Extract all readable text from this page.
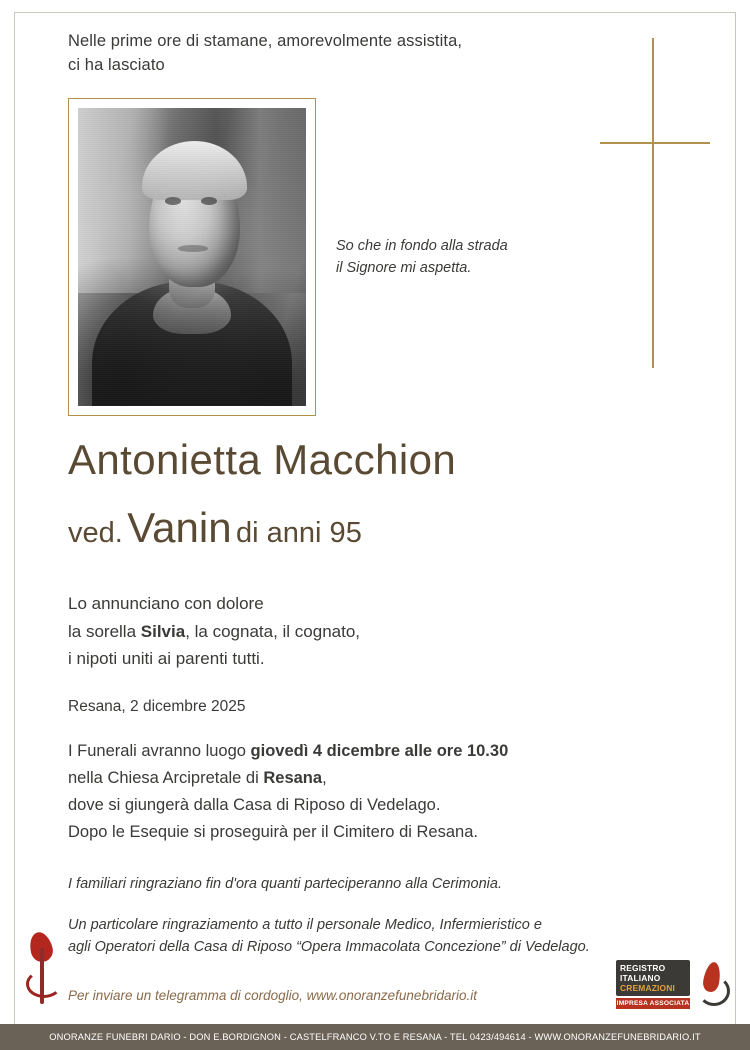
Nelle prime ore di stamane, amorevolmente assistita,
ci ha lasciato
So che in fondo alla strada
il Signore mi aspetta.
Antonietta Macchion
ved. Vanin di anni 95
Lo annunciano con dolore
la sorella Silvia, la cognata, il cognato,
i nipoti uniti ai parenti tutti.
Resana, 2 dicembre 2025
I Funerali avranno luogo giovedì 4 dicembre alle ore 10.30
nella Chiesa Arcipretale di Resana,
dove si giungerà dalla Casa di Riposo di Vedelago.
Dopo le Esequie si proseguirà per il Cimitero di Resana.
I familiari ringraziano fin d'ora quanti parteciperanno alla Cerimonia.
Un particolare ringraziamento a tutto il personale Medico, Infermieristico e
agli Operatori della Casa di Riposo “Opera Immacolata Concezione” di Vedelago.
Per inviare un telegramma di cordoglio, www.onoranzefunebridario.it
REGISTRO
ITALIANO
CREMAZIONI
IMPRESA ASSOCIATA
ONORANZE FUNEBRI DARIO - DON E.BORDIGNON - CASTELFRANCO V.TO E RESANA - TEL 0423/494614 - WWW.ONORANZEFUNEBRIDARIO.IT
